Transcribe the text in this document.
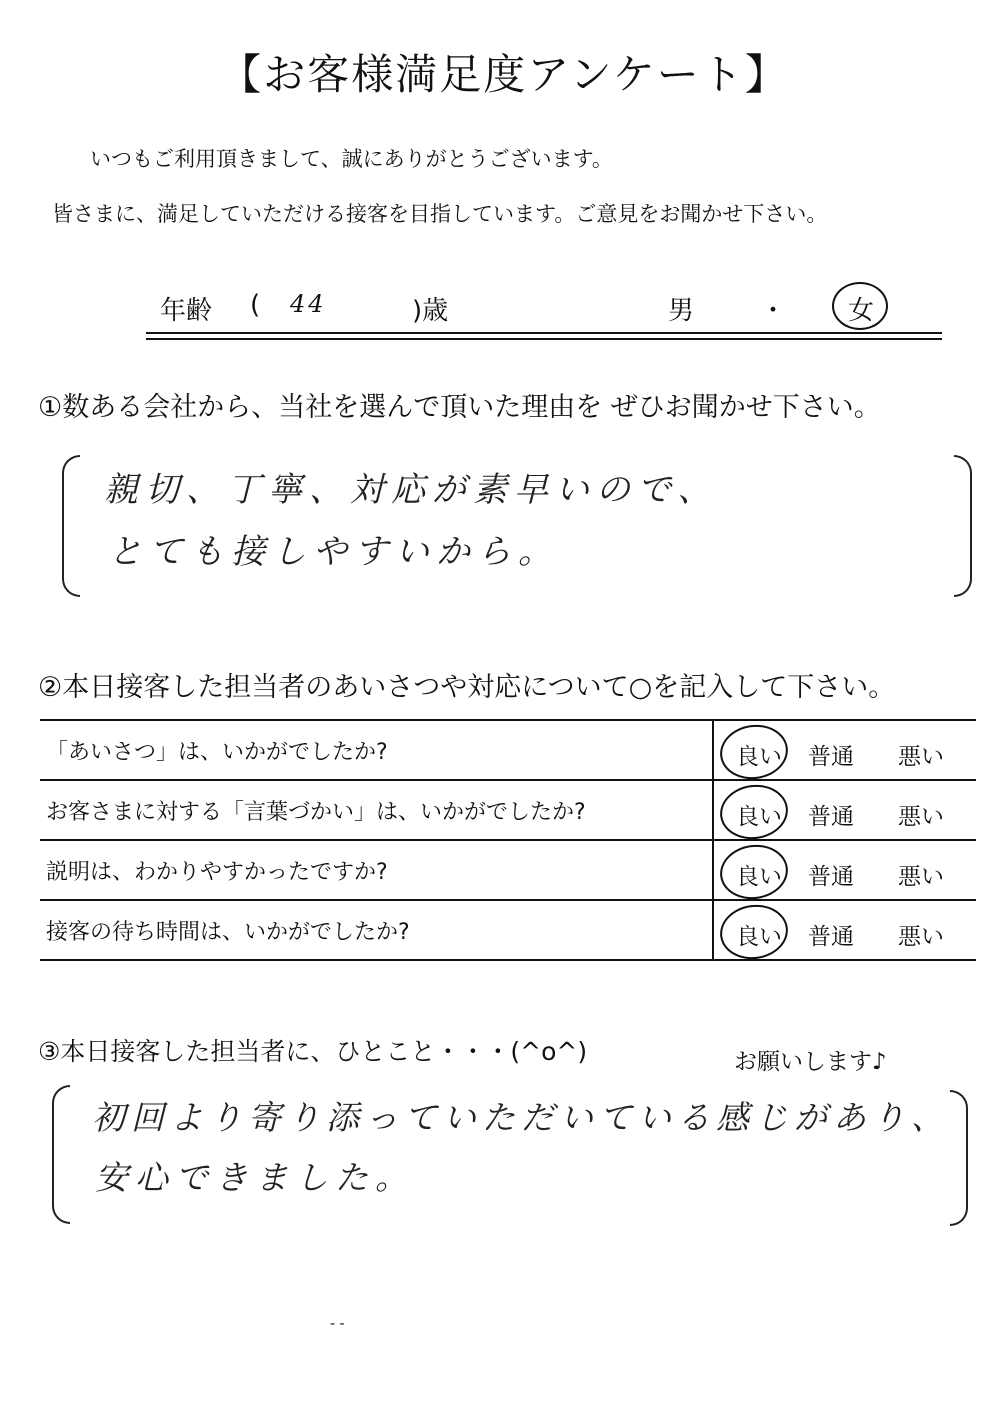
【お客様満足度アンケート】
いつもご利用頂きまして、誠にありがとうございます。
皆さまに、満足していただける接客を目指しています。ご意見をお聞かせ下さい。
年齢 ( 44	)歳	男	・ 女
①数ある会社から、当社を選んで頂いた理由を ぜひお聞かせ下さい。
親切、丁寧、対応が素早いので、
とても接しやすいから。
②本日接客した担当者のあいさつや対応について○を記入して下さい。
「あいさつ」は、いかがでしたか?	良い 普通 悪い

お客さまに対する「言葉づかい」は、いかがでしたか?	良い 普通 悪い

説明は、わかりやすかったですか?	良い 普通 悪い

接客の待ち時間は、いかがでしたか?	良い 普通 悪い
③本日接客した担当者に、ひとこと・・・(^o^)	お願いします♪
初回より寄り添っていただいている感じがあり、
安心できました。
- -
